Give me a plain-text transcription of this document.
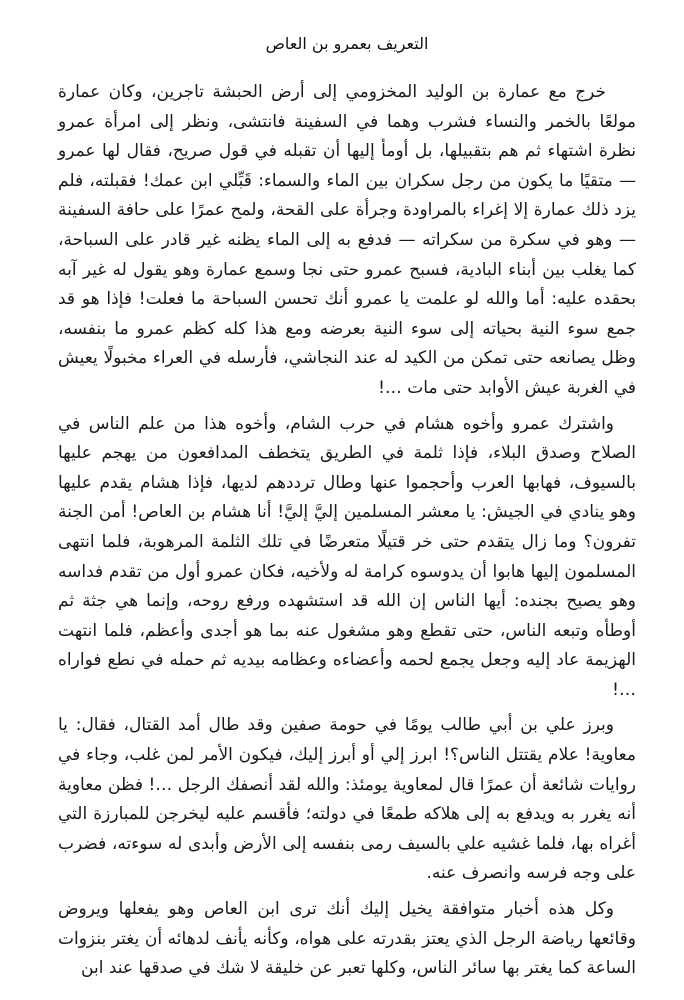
التعريف بعمرو بن العاص

خرج مع عمارة بن الوليد المخزومي إلى أرض الحبشة تاجرين، وكان عمارة مولعًا بالخمر والنساء فشرب وهما في السفينة فانتشى، ونظر إلى امرأة عمرو نظرة اشتهاء ثم هم بتقبيلها، بل أومأ إليها أن تقبله في قول صريح، فقال لها عمرو — متقيًا ما يكون من رجل سكران بين الماء والسماء: قَبِّلي ابن عمك! فقبلته، فلم يزد ذلك عمارة إلا إغراء بالمراودة وجرأة على القحة، ولمح عمرًا على حافة السفينة — وهو في سكرة من سكراته — فدفع به إلى الماء يظنه غير قادر على السباحة، كما يغلب بين أبناء البادية، فسبح عمرو حتى نجا وسمع عمارة وهو يقول له غير آبه بحقده عليه: أما والله لو علمت يا عمرو أنك تحسن السباحة ما فعلت! فإذا هو قد جمع سوء النية بحياته إلى سوء النية بعرضه ومع هذا كله كظم عمرو ما بنفسه، وظل يصانعه حتى تمكن من الكيد له عند النجاشي، فأرسله في العراء مخبولًا يعيش في الغربة عيش الأوابد حتى مات …!

واشترك عمرو وأخوه هشام في حرب الشام، وأخوه هذا من علم الناس في الصلاح وصدق البلاء، فإذا ثلمة في الطريق يتخطف المدافعون من يهجم عليها بالسيوف، فهابها العرب وأحجموا عنها وطال ترددهم لديها، فإذا هشام يقدم عليها وهو ينادي في الجيش: يا معشر المسلمين إليَّ إليَّ! أنا هشام بن العاص! أمن الجنة تفرون؟ وما زال يتقدم حتى خر قتيلًا متعرضًا في تلك الثلمة المرهوبة، فلما انتهى المسلمون إليها هابوا أن يدوسوه كرامة له ولأخيه، فكان عمرو أول من تقدم فداسه وهو يصيح بجنده: أيها الناس إن الله قد استشهده ورفع روحه، وإنما هي جثة ثم أوطأه وتبعه الناس، حتى تقطع وهو مشغول عنه بما هو أجدى وأعظم، فلما انتهت الهزيمة عاد إليه وجعل يجمع لحمه وأعضاءه وعظامه بيديه ثم حمله في نطع فواراه …!

وبرز علي بن أبي طالب يومًا في حومة صفين وقد طال أمد القتال، فقال: يا معاوية! علام يقتتل الناس؟! ابرز إلي أو أبرز إليك، فيكون الأمر لمن غلب، وجاء في روايات شائعة أن عمرًا قال لمعاوية يومئذ: والله لقد أنصفك الرجل …! فظن معاوية أنه يغرر به ويدفع به إلى هلاكه طمعًا في دولته؛ فأقسم عليه ليخرجن للمبارزة التي أغراه بها، فلما غشيه علي بالسيف رمى بنفسه إلى الأرض وأبدى له سوءته، فضرب على وجه فرسه وانصرف عنه.

وكل هذه أخبار متوافقة يخيل إليك أنك ترى ابن العاص وهو يفعلها ويروض وقائعها رياضة الرجل الذي يعتز بقدرته على هواه، وكأنه يأنف لدهائه أن يغتر بنزوات الساعة كما يغتر بها سائر الناس، وكلها تعبر عن خليقة لا شك في صدقها عند ابن
